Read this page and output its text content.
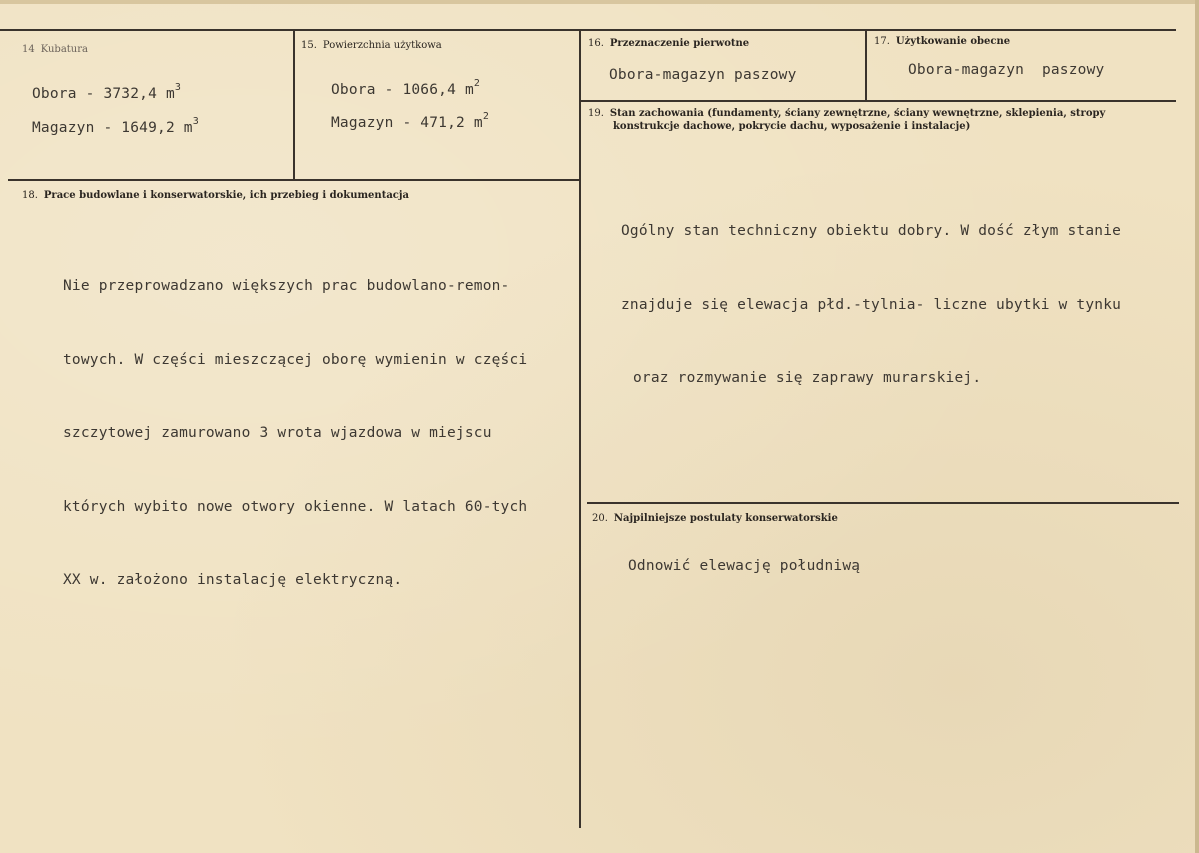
14 Kubatura
Obora - 3732,4 $m^3$
Magazyn - 1649,2 $m^3$
15. Powierzchnia użytkowa
Obora - 1066,4 $m^2$
Magazyn - 471,2 $m^2$
16. Przeznaczenie pierwotne
Obora-magazyn paszowy
17. Użytkowanie obecne
Obora-magazyn  paszowy
18. Prace budowlane i konserwatorskie, ich przebieg i dokumentacja

Nie przeprowadzano większych prac budowlano-remon-

towych. W części mieszczącej oborę wymienin w części

szczytowej zamurowano 3 wrota wjazdowa w miejscu

których wybito nowe otwory okienne. W latach 60-tych

XX w. założono instalację elektryczną.

19. Stan zachowania (fundamenty, ściany zewnętrzne, ściany wewnętrzne, sklepienia, stropy
konstrukcje dachowe, pokrycie dachu, wyposażenie i instalacje)

Ogólny stan techniczny obiektu dobry. W dość złym stanie

znajduje się elewacja płd.-tylnia- liczne ubytki w tynku

oraz rozmywanie się zaprawy murarskiej.

20. Najpilniejsze postulaty konserwatorskie
Odnowić elewację południwą
